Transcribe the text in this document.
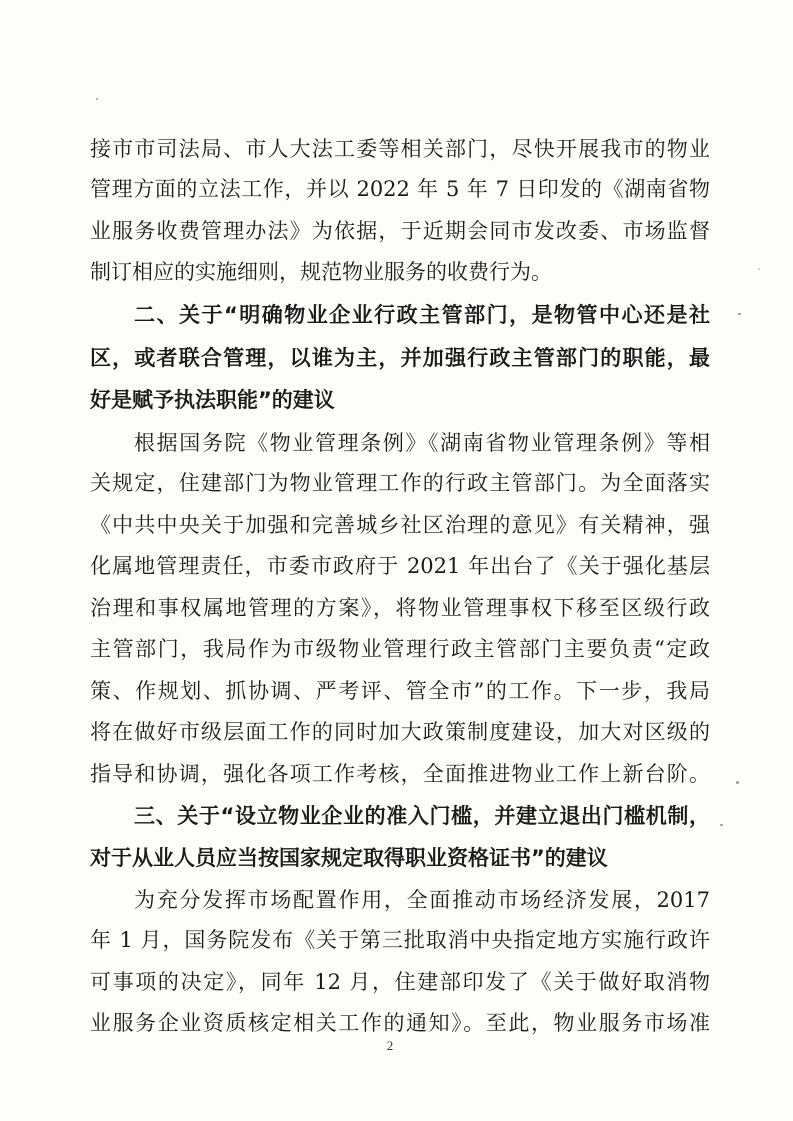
接市市司法局、市人大法工委等相关部门，尽快开展我市的物业
管理方面的立法工作，并以 2022 年 5 年 7 日印发的《湖南省物
业服务收费管理办法》为依据，于近期会同市发改委、市场监督
制订相应的实施细则，规范物业服务的收费行为。
二、关于“明确物业企业行政主管部门，是物管中心还是社
区，或者联合管理，以谁为主，并加强行政主管部门的职能，最
好是赋予执法职能”的建议
根据国务院《物业管理条例》《湖南省物业管理条例》等相
关规定，住建部门为物业管理工作的行政主管部门。为全面落实
《中共中央关于加强和完善城乡社区治理的意见》有关精神，强
化属地管理责任，市委市政府于 2021 年出台了《关于强化基层
治理和事权属地管理的方案》，将物业管理事权下移至区级行政
主管部门，我局作为市级物业管理行政主管部门主要负责“定政
策、作规划、抓协调、严考评、管全市”的工作。下一步，我局
将在做好市级层面工作的同时加大政策制度建设，加大对区级的
指导和协调，强化各项工作考核，全面推进物业工作上新台阶。
三、关于“设立物业企业的准入门槛，并建立退出门槛机制，
对于从业人员应当按国家规定取得职业资格证书”的建议
为充分发挥市场配置作用，全面推动市场经济发展，2017
年 1 月，国务院发布《关于第三批取消中央指定地方实施行政许
可事项的决定》，同年 12 月，住建部印发了《关于做好取消物
业服务企业资质核定相关工作的通知》。至此，物业服务市场准
2
